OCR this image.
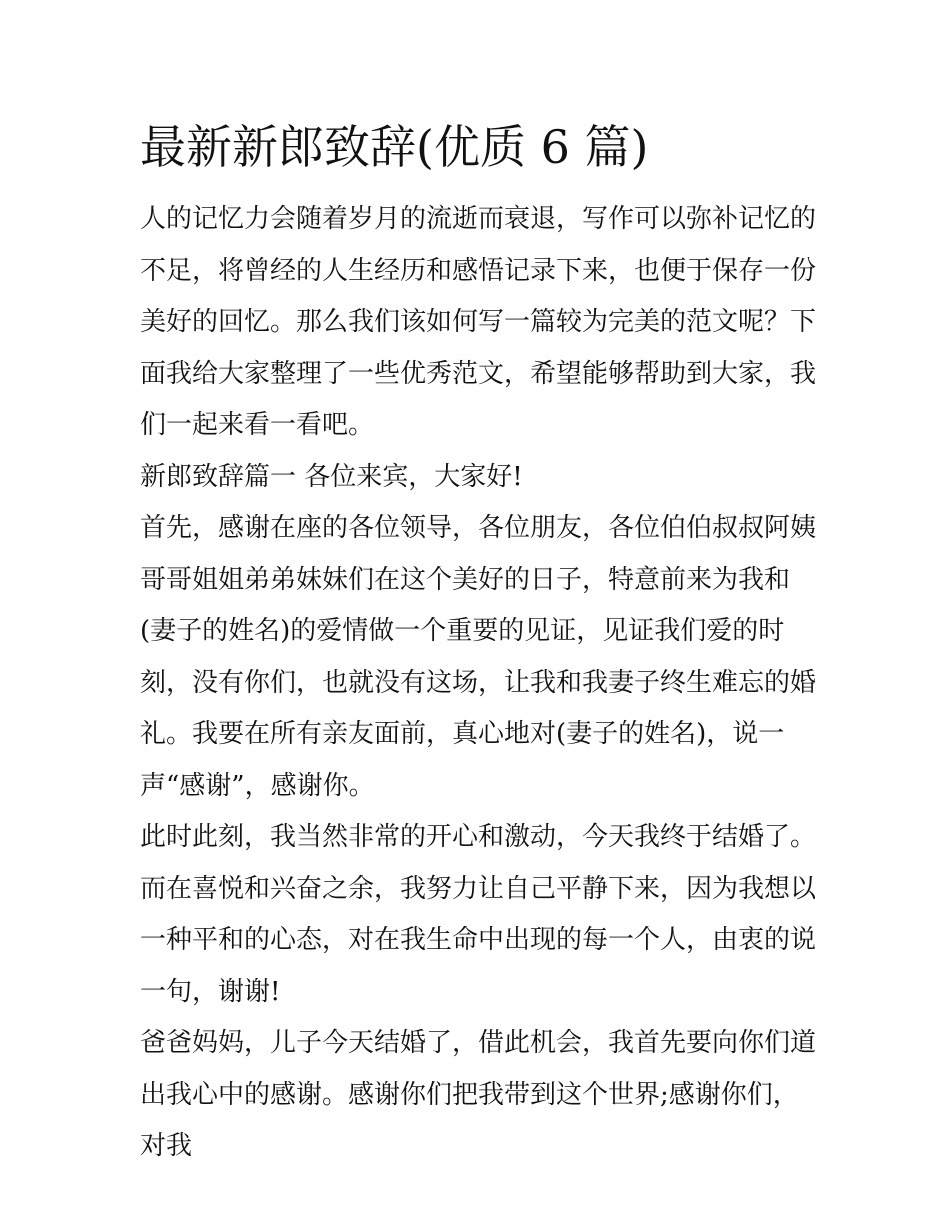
最新新郎致辞(优质 6 篇)

人的记忆力会随着岁月的流逝而衰退，写作可以弥补记忆的不足，将曾经的人生经历和感悟记录下来，也便于保存一份美好的回忆。那么我们该如何写一篇较为完美的范文呢？下面我给大家整理了一些优秀范文，希望能够帮助到大家，我们一起来看一看吧。

新郎致辞篇一 各位来宾，大家好!

首先，感谢在座的各位领导，各位朋友，各位伯伯叔叔阿姨哥哥姐姐弟弟妹妹们在这个美好的日子，特意前来为我和(妻子的姓名)的爱情做一个重要的见证，见证我们爱的时刻，没有你们，也就没有这场，让我和我妻子终生难忘的婚礼。我要在所有亲友面前，真心地对(妻子的姓名)，说一声“感谢”，感谢你。

此时此刻，我当然非常的开心和激动，今天我终于结婚了。而在喜悦和兴奋之余，我努力让自己平静下来，因为我想以一种平和的心态，对在我生命中出现的每一个人，由衷的说一句，谢谢!

爸爸妈妈，儿子今天结婚了，借此机会，我首先要向你们道出我心中的感谢。感谢你们把我带到这个世界;感谢你们，对我
